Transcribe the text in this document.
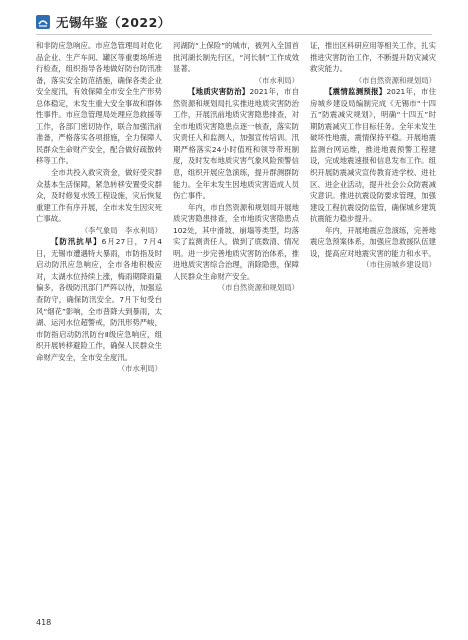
无锡年鉴（2022）

和非防应急响应。市应急管理局对危化品企业、生产车间、罐区等重要场所进行检查，组织指导各地做好防台防汛准备，落实安全防范措施，确保各类企业安全度汛，有效保障全市安全生产形势总体稳定，未发生重大安全事故和群体性事件。市应急管理局处理应急救援等工作，各部门密切协作，联合加强汛前准备，严格落实各项措施，全力保障人民群众生命财产安全，配合做好疏散转移等工作。

全市共投入救灾资金，做好受灾群众基本生活保障，紧急转移安置受灾群众，及时修复水毁工程设施，灾后恢复重建工作有序开展，全市未发生因灾死亡事故。

（李气象局　李水利局）

【防汛抗旱】6月27日，7月4日，无锡市遭遇特大暴雨，市防指及时启动防汛应急响应，全市各地积极应对，太湖水位持续上涨，梅雨期降雨量偏多，各级防汛部门严阵以待，加强巡查防守，确保防汛安全。7月下旬受台风“烟花”影响，全市普降大到暴雨，太湖、运河水位超警戒，防汛形势严峻，市防指启动防汛防台Ⅱ级应急响应，组织开展转移避险工作，确保人民群众生命财产安全，全市安全度汛。

（市水利局）

河湖防“上保险”的城市，被列入全国首批河湖长制先行区，“河长制”工作成效显著。

（市水利局）

【地质灾害防治】2021年，市自然资源和规划局扎实推进地质灾害防治工作，开展汛前地质灾害隐患排查，对全市地质灾害隐患点逐一核查，落实防灾责任人和监测人，加强宣传培训。汛期严格落实24小时值班和领导带班制度，及时发布地质灾害气象风险预警信息，组织开展应急演练，提升群测群防能力。全年未发生因地质灾害造成人员伤亡事件。

年内，市自然资源和规划局开展地质灾害隐患排查，全市地质灾害隐患点102处，其中滑坡、崩塌等类型，均落实了监测责任人，做到了底数清、情况明。进一步完善地质灾害防治体系，推进地质灾害综合治理，消除隐患，保障人民群众生命财产安全。

（市自然资源和规划局）

证，推出区科研应用等相关工作，扎实推进灾害防治工作，不断提升防灾减灾救灾能力。

（市自然资源和规划局）

【震情监测预报】2021年，市住房城乡建设局编制完成《无锡市“十四五”防震减灾规划》，明确“十四五”时期防震减灾工作目标任务。全年未发生破坏性地震，震情保持平稳。开展地震监测台网运维，推进地震预警工程建设，完成地震速报和信息发布工作。组织开展防震减灾宣传教育进学校、进社区、进企业活动，提升社会公众防震减灾意识。推进抗震设防要求管理，加强建设工程抗震设防监管，确保城乡建筑抗震能力稳步提升。

年内，开展地震应急演练，完善地震应急预案体系，加强应急救援队伍建设，提高应对地震灾害的能力和水平。

（市住房城乡建设局）

418
